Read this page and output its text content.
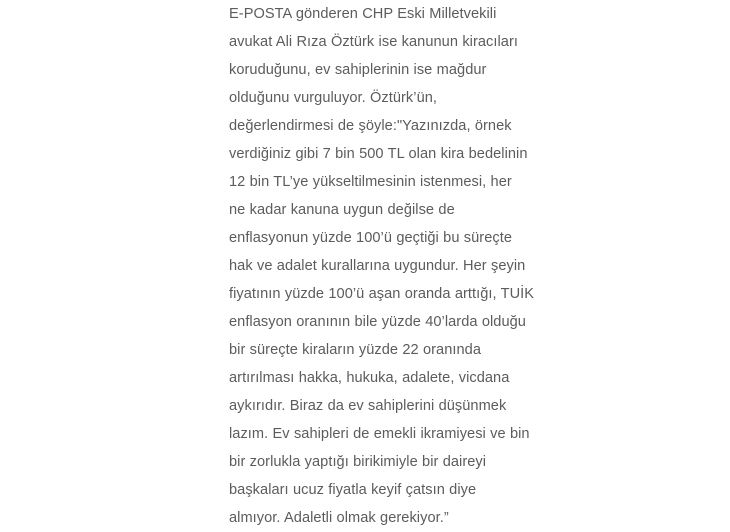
E-POSTA gönderen CHP Eski Milletvekili
avukat Ali Rıza Öztürk ise kanunun kiracıları
koruduğunu, ev sahiplerinin ise mağdur
olduğunu vurguluyor. Öztürk’ün,
değerlendirmesi de şöyle:"Yazınızda, örnek
verdiğiniz gibi 7 bin 500 TL olan kira bedelinin
12 bin TL’ye yükseltilmesinin istenmesi, her
ne kadar kanuna uygun değilse de
enflasyonun yüzde 100’ü geçtiği bu süreçte
hak ve adalet kurallarına uygundur. Her şeyin
fiyatının yüzde 100’ü aşan oranda arttığı, TUİK
enflasyon oranının bile yüzde 40’larda olduğu
bir süreçte kiraların yüzde 22 oranında
artırılması hakka, hukuka, adalete, vicdana
aykırıdır. Biraz da ev sahiplerini düşünmek
lazım. Ev sahipleri de emekli ikramiyesi ve bin
bir zorlukla yaptığı birikimiyle bir daireyi
başkaları ucuz fiyatla keyif çatsın diye
almıyor. Adaletli olmak gerekiyor.”
